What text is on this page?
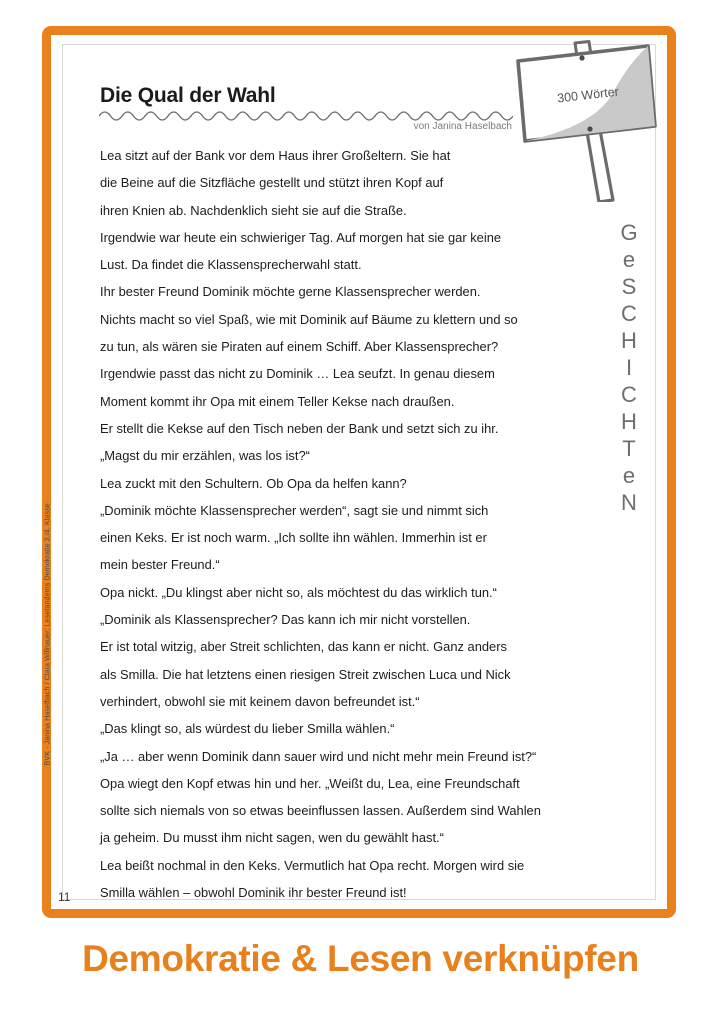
BVK · Janina Haselbach / Clara Willnauer: Lesetandems Demokratie 3./4. Klasse
11
G
e
S
C
H
I
C
H
T
e
N
Die Qual der Wahl
von Janina Haselbach
300 Wörter

Lea sitzt auf der Bank vor dem Haus ihrer Großeltern. Sie hat

die Beine auf die Sitzfläche gestellt und stützt ihren Kopf auf

ihren Knien ab. Nachdenklich sieht sie auf die Straße.

Irgendwie war heute ein schwieriger Tag. Auf morgen hat sie gar keine

Lust. Da findet die Klassensprecherwahl statt.

Ihr bester Freund Dominik möchte gerne Klassensprecher werden.

Nichts macht so viel Spaß, wie mit Dominik auf Bäume zu klettern und so

zu tun, als wären sie Piraten auf einem Schiff. Aber Klassensprecher?

Irgendwie passt das nicht zu Dominik … Lea seufzt. In genau diesem

Moment kommt ihr Opa mit einem Teller Kekse nach draußen.

Er stellt die Kekse auf den Tisch neben der Bank und setzt sich zu ihr.

„Magst du mir erzählen, was los ist?“

Lea zuckt mit den Schultern. Ob Opa da helfen kann?

„Dominik möchte Klassensprecher werden“, sagt sie und nimmt sich

einen Keks. Er ist noch warm. „Ich sollte ihn wählen. Immerhin ist er

mein bester Freund.“

Opa nickt. „Du klingst aber nicht so, als möchtest du das wirklich tun.“

„Dominik als Klassensprecher? Das kann ich mir nicht vorstellen.

Er ist total witzig, aber Streit schlichten, das kann er nicht. Ganz anders

als Smilla. Die hat letztens einen riesigen Streit zwischen Luca und Nick

verhindert, obwohl sie mit keinem davon befreundet ist.“

„Das klingt so, als würdest du lieber Smilla wählen.“

„Ja … aber wenn Dominik dann sauer wird und nicht mehr mein Freund ist?“

Opa wiegt den Kopf etwas hin und her. „Weißt du, Lea, eine Freundschaft

sollte sich niemals von so etwas beeinflussen lassen. Außerdem sind Wahlen

ja geheim. Du musst ihm nicht sagen, wen du gewählt hast.“

Lea beißt nochmal in den Keks. Vermutlich hat Opa recht. Morgen wird sie

Smilla wählen – obwohl Dominik ihr bester Freund ist!

Demokratie & Lesen verknüpfen
